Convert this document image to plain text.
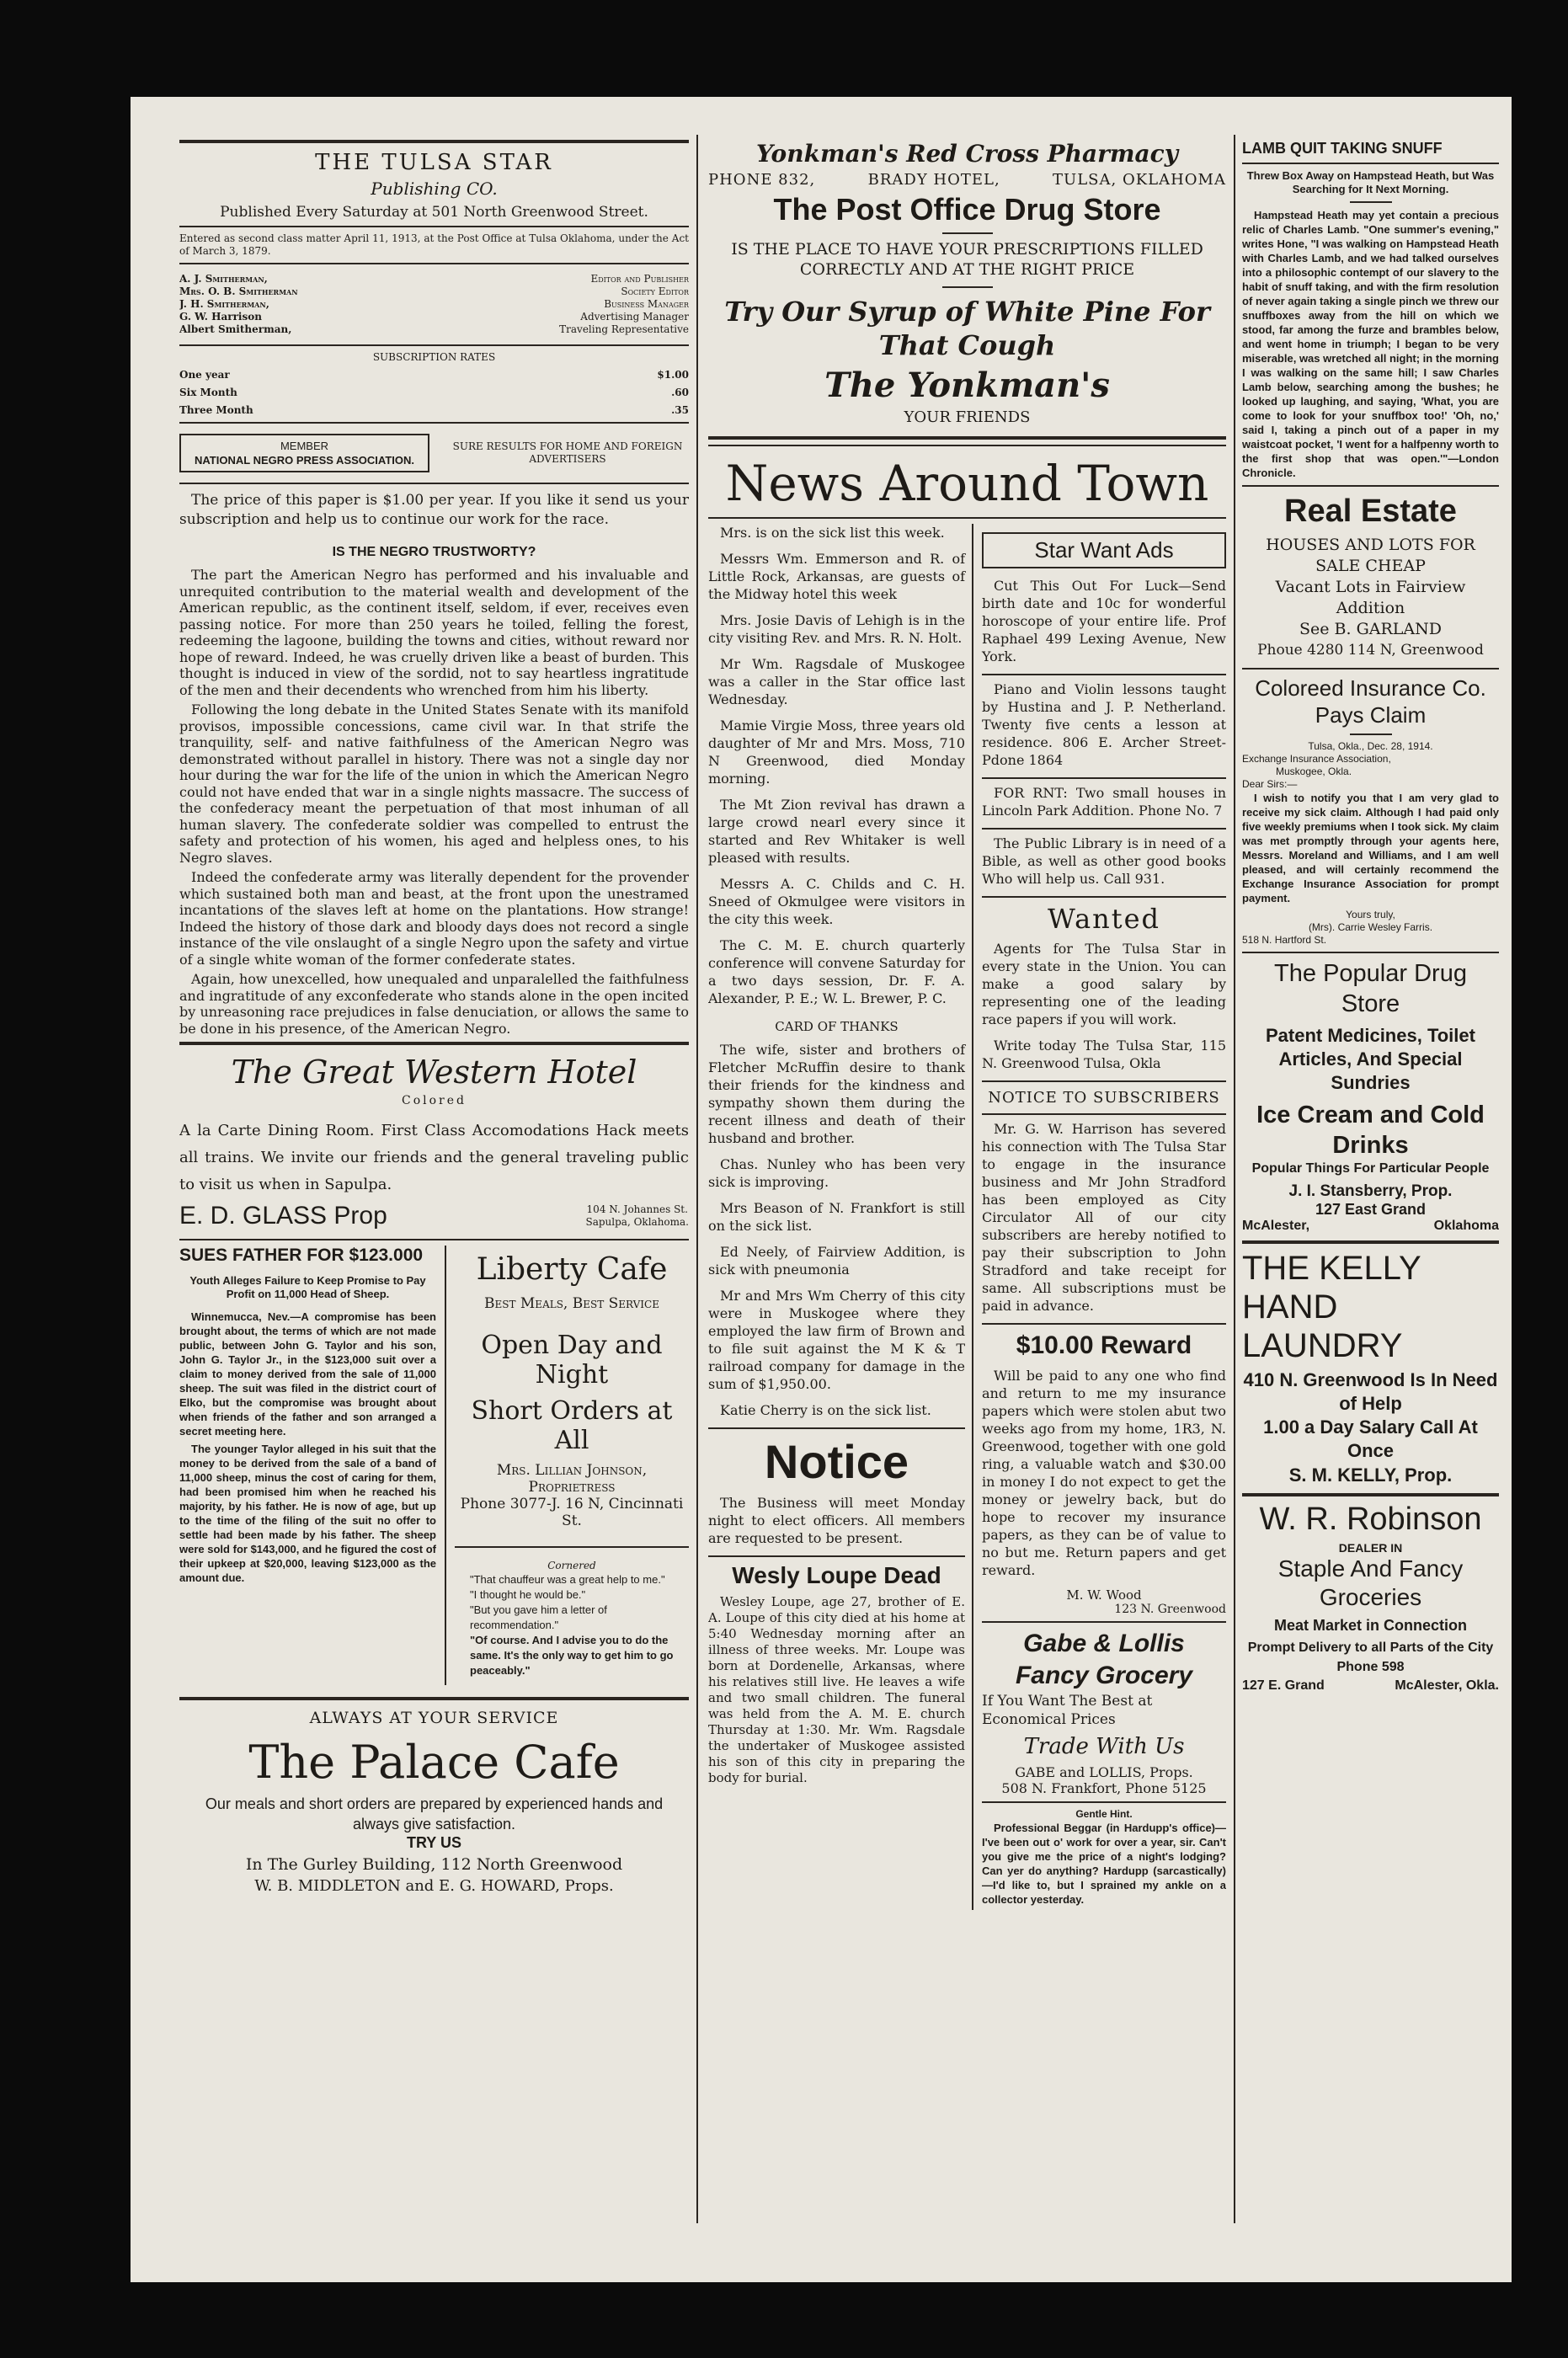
THE TULSA STAR
Publishing CO.
Published Every Saturday at 501 North Greenwood Street.
Entered as second class matter April 11, 1913, at the Post Office at Tulsa Oklahoma, under the Act of March 3, 1879.
A. J. Smitherman,	Editor and Publisher
Mrs. O. B. Smitherman	Society Editor
J. H. Smitherman,	Business Manager
G. W. Harrison	Advertising Manager
Albert Smitherman,	Traveling Representative
SUBSCRIPTION RATES
One year	$1.00
Six Month	.60
Three Month	.35
MEMBER
NATIONAL NEGRO PRESS ASSOCIATION.
SURE RESULTS FOR HOME AND FOREIGN ADVERTISERS

The price of this paper is $1.00 per year. If you like it send us your subscription and help us to continue our work for the race.

IS THE NEGRO TRUSTWORTY?

The part the American Negro has performed and his invaluable and unrequited contribution to the material wealth and development of the American republic, as the continent itself, seldom, if ever, receives even passing notice. For more than 250 years he toiled, felling the forest, redeeming the lagoone, building the towns and cities, without reward nor hope of reward. Indeed, he was cruelly driven like a beast of burden. This thought is induced in view of the sordid, not to say heartless ingratitude of the men and their decendents who wrenched from him his liberty.

Following the long debate in the United States Senate with its manifold provisos, impossible concessions, came civil war. In that strife the tranquility, self- and native faithfulness of the American Negro was demonstrated without parallel in history. There was not a single day nor hour during the war for the life of the union in which the American Negro could not have ended that war in a single nights massacre. The success of the confederacy meant the perpetuation of that most inhuman of all human slavery. The confederate soldier was compelled to entrust the safety and protection of his women, his aged and helpless ones, to his Negro slaves.

Indeed the confederate army was literally dependent for the provender which sustained both man and beast, at the front upon the unestramed incantations of the slaves left at home on the plantations. How strange! Indeed the history of those dark and bloody days does not record a single instance of the vile onslaught of a single Negro upon the safety and virtue of a single white woman of the former confederate states.

Again, how unexcelled, how unequaled and unparalelled the faithfulness and ingratitude of any exconfederate who stands alone in the open incited by unreasoning race prejudices in false denuciation, or allows the same to be done in his presence, of the American Negro.

The Great Western Hotel
Colored

A la Carte Dining Room. First Class Accomodations Hack meets all trains. We invite our friends and the general traveling public to visit us when in Sapulpa.

E. D. GLASS Prop	104 N. Johannes St.
Sapulpa, Oklahoma.
SUES FATHER FOR $123.000
Youth Alleges Failure to Keep Promise to Pay Profit on 11,000 Head of Sheep.

Winnemucca, Nev.—A compromise has been brought about, the terms of which are not made public, between John G. Taylor and his son, John G. Taylor Jr., in the $123,000 suit over a claim to money derived from the sale of 11,000 sheep. The suit was filed in the district court of Elko, but the compromise was brought about when friends of the father and son arranged a secret meeting here.

The younger Taylor alleged in his suit that the money to be derived from the sale of a band of 11,000 sheep, minus the cost of caring for them, had been promised him when he reached his majority, by his father. He is now of age, but up to the time of the filing of the suit no offer to settle had been made by his father. The sheep were sold for $143,000, and he figured the cost of their upkeep at $20,000, leaving $123,000 as the amount due.

Liberty Cafe
Best Meals, Best Service
Open Day and Night
Short Orders at All
Mrs. Lillian Johnson, Proprietress
Phone 3077-J. 16 N, Cincinnati St.
Cornered
"That chauffeur was a great help to me."
"I thought he would be."
"But you gave him a letter of recommendation."
"Of course. And I advise you to do the same. It's the only way to get him to go peaceably."
ALWAYS AT YOUR SERVICE
The Palace Cafe
Our meals and short orders are prepared by experienced hands and always give satisfaction.
TRY US
In The Gurley Building, 112 North Greenwood
W. B. MIDDLETON and E. G. HOWARD, Props.
Yonkman's Red Cross Pharmacy
PHONE 832,	BRADY HOTEL,	TULSA, OKLAHOMA
The Post Office Drug Store
IS THE PLACE TO HAVE YOUR PRESCRIPTIONS FILLED CORRECTLY AND AT THE RIGHT PRICE
Try Our Syrup of White Pine For That Cough
The Yonkman's
YOUR FRIENDS
News Around Town

Mrs. is on the sick list this week.

Messrs Wm. Emmerson and R. of Little Rock, Arkansas, are guests of the Midway hotel this week

Mrs. Josie Davis of Lehigh is in the city visiting Rev. and Mrs. R. N. Holt.

Mr Wm. Ragsdale of Muskogee was a caller in the Star office last Wednesday.

Mamie Virgie Moss, three years old daughter of Mr and Mrs. Moss, 710 N Greenwood, died Monday morning.

The Mt Zion revival has drawn a large crowd nearl every since it started and Rev Whitaker is well pleased with results.

Messrs A. C. Childs and C. H. Sneed of Okmulgee were visitors in the city this week.

The C. M. E. church quarterly conference will convene Saturday for a two days session, Dr. F. A. Alexander, P. E.; W. L. Brewer, P. C.

CARD OF THANKS

The wife, sister and brothers of Fletcher McRuffin desire to thank their friends for the kindness and sympathy shown them during the recent illness and death of their husband and brother.

Chas. Nunley who has been very sick is improving.

Mrs Beason of N. Frankfort is still on the sick list.

Ed Neely, of Fairview Addition, is sick with pneumonia

Mr and Mrs Wm Cherry of this city were in Muskogee where they employed the law firm of Brown and to file suit against the M K & T railroad company for damage in the sum of $1,950.00.

Katie Cherry is on the sick list.

Notice

The Business will meet Monday night to elect officers. All members are requested to be present.

Wesly Loupe Dead

Wesley Loupe, age 27, brother of E. A. Loupe of this city died at his home at 5:40 Wednesday morning after an illness of three weeks. Mr. Loupe was born at Dordenelle, Arkansas, where his relatives still live. He leaves a wife and two small children. The funeral was held from the A. M. E. church Thursday at 1:30. Mr. Wm. Ragsdale the undertaker of Muskogee assisted his son of this city in preparing the body for burial.

Star Want Ads

Cut This Out For Luck—Send birth date and 10c for wonderful horoscope of your entire life. Prof Raphael 499 Lexing Avenue, New York.

Piano and Violin lessons taught by Hustina and J. P. Netherland. Twenty five cents a lesson at residence. 806 E. Archer Street- Pdone 1864

FOR RNT: Two small houses in Lincoln Park Addition. Phone No. 7

The Public Library is in need of a Bible, as well as other good books Who will help us. Call 931.

Wanted

Agents for The Tulsa Star in every state in the Union. You can make a good salary by representing one of the leading race papers if you will work.

Write today The Tulsa Star, 115 N. Greenwood Tulsa, Okla

NOTICE TO SUBSCRIBERS

Mr. G. W. Harrison has severed his connection with The Tulsa Star to engage in the insurance business and Mr John Stradford has been employed as City Circulator All of our city subscribers are hereby notified to pay their subscription to John Stradford and take receipt for same. All subscriptions must be paid in advance.

$10.00 Reward

Will be paid to any one who find and return to me my insurance papers which were stolen abut two weeks ago from my home, 1R3, N. Greenwood, together with one gold ring, a valuable watch and $30.00 in money I do not expect to get the money or jewelry back, but do hope to recover my insurance papers, as they can be of value to no but me. Return papers and get reward.

M. W. Wood
123 N. Greenwood
Gabe & Lollis
Fancy Grocery
If You Want The Best at Economical Prices
Trade With Us
GABE and LOLLIS, Props.
508 N. Frankfort, Phone 5125
Gentle Hint.

Professional Beggar (in Hardupp's office)—I've been out o' work for over a year, sir. Can't you give me the price of a night's lodging? Can yer do anything? Hardupp (sarcastically)—I'd like to, but I sprained my ankle on a collector yesterday.

LAMB QUIT TAKING SNUFF
Threw Box Away on Hampstead Heath, but Was Searching for It Next Morning.

Hampstead Heath may yet contain a precious relic of Charles Lamb. "One summer's evening," writes Hone, "I was walking on Hampstead Heath with Charles Lamb, and we had talked ourselves into a philosophic contempt of our slavery to the habit of snuff taking, and with the firm resolution of never again taking a single pinch we threw our snuffboxes away from the hill on which we stood, far among the furze and brambles below, and went home in triumph; I began to be very miserable, was wretched all night; in the morning I was walking on the same hill; I saw Charles Lamb below, searching among the bushes; he looked up laughing, and saying, 'What, you are come to look for your snuffbox too!' 'Oh, no,' said I, taking a pinch out of a paper in my waistcoat pocket, 'I went for a halfpenny worth to the first shop that was open.'"—London Chronicle.

Real Estate
HOUSES AND LOTS FOR SALE CHEAP
Vacant Lots in Fairview Addition
See B. GARLAND
Phoue 4280 114 N, Greenwood
Coloreed Insurance Co. Pays Claim
Tulsa, Okla., Dec. 28, 1914.
Exchange Insurance Association,
Muskogee, Okla.
Dear Sirs:—

I wish to notify you that I am very glad to receive my sick claim. Although I had paid only five weekly premiums when I took sick. My claim was met promptly through your agents here, Messrs. Moreland and Williams, and I am well pleased, and will certainly recommend the Exchange Insurance Association for prompt payment.

Yours truly,
(Mrs). Carrie Wesley Farris.
518 N. Hartford St.
The Popular Drug Store
Patent Medicines, Toilet Articles, And Special Sundries
Ice Cream and Cold Drinks
Popular Things For Particular People
J. I. Stansberry, Prop.
127 East Grand
McAlester,	Oklahoma
THE KELLY HAND LAUNDRY
410 N. Greenwood Is In Need of Help
1.00 a Day Salary Call At Once
S. M. KELLY, Prop.
W. R. Robinson
DEALER IN
Staple And Fancy Groceries
Meat Market in Connection
Prompt Delivery to all Parts of the City
Phone 598
127 E. Grand	McAlester, Okla.
